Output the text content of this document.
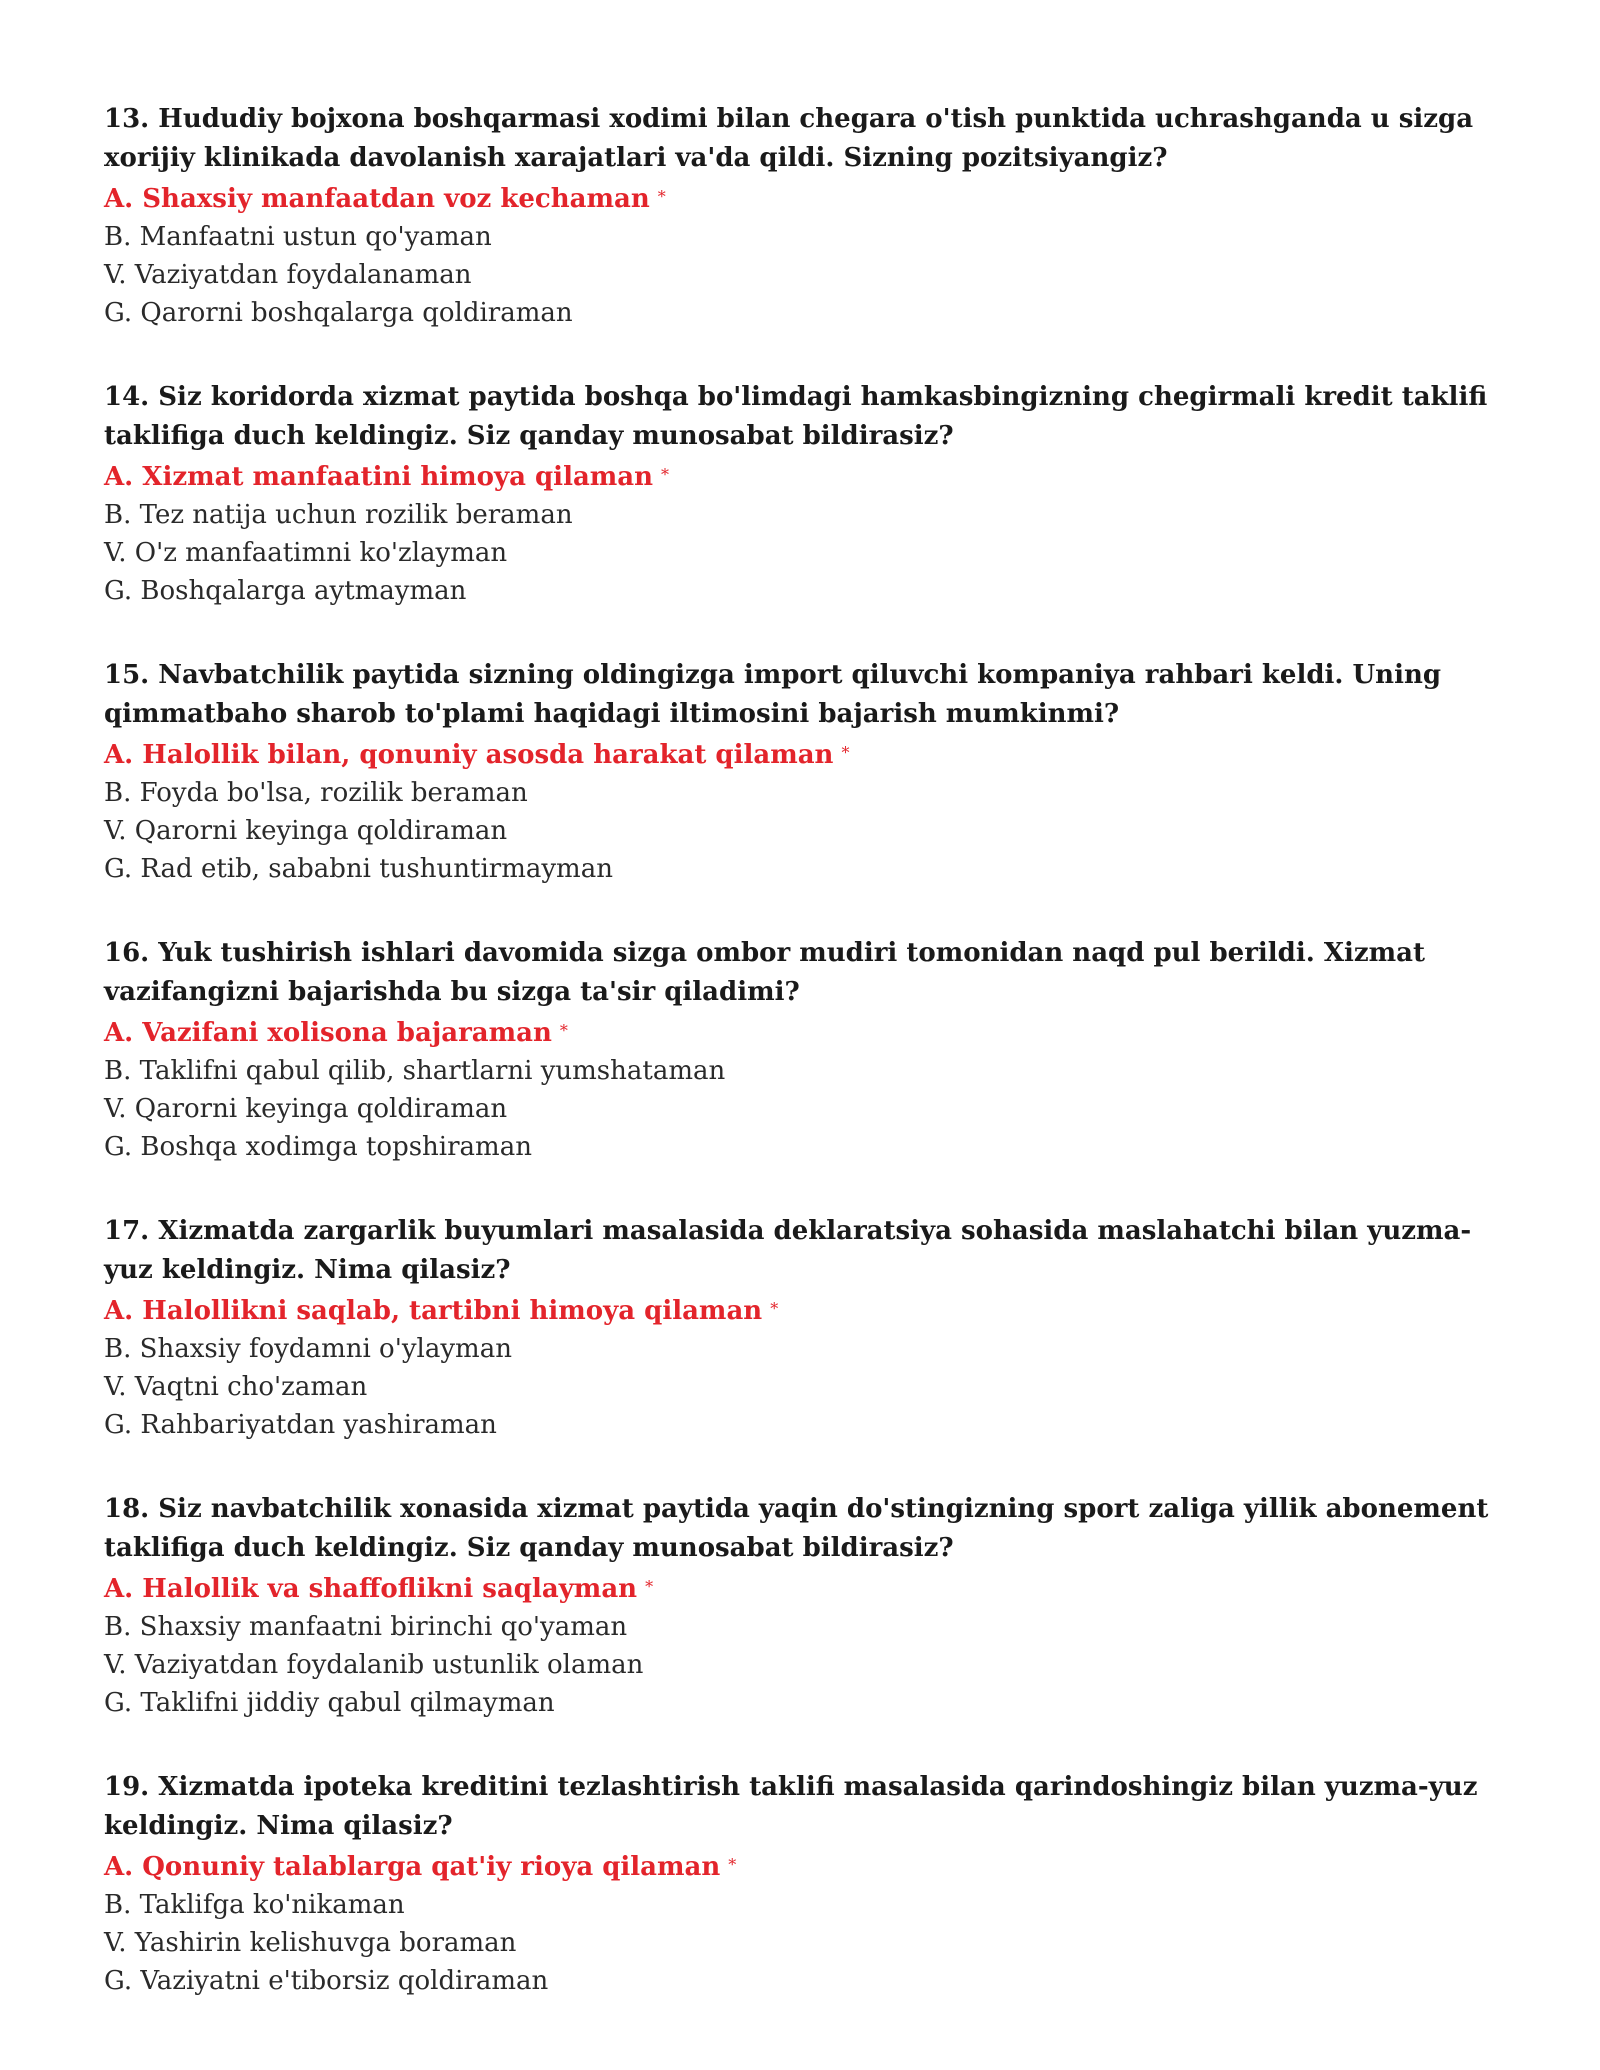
13. Hududiy bojxona boshqarmasi xodimi bilan chegara o'tish punktida uchrashganda u sizga xorijiy klinikada davolanish xarajatlari va'da qildi. Sizning pozitsiyangiz?

A. Shaxsiy manfaatdan voz kechaman *

B. Manfaatni ustun qo'yaman

V. Vaziyatdan foydalanaman

G. Qarorni boshqalarga qoldiraman

14. Siz koridorda xizmat paytida boshqa bo'limdagi hamkasbingizning chegirmali kredit taklifi taklifiga duch keldingiz. Siz qanday munosabat bildirasiz?

A. Xizmat manfaatini himoya qilaman *

B. Tez natija uchun rozilik beraman

V. O'z manfaatimni ko'zlayman

G. Boshqalarga aytmayman

15. Navbatchilik paytida sizning oldingizga import qiluvchi kompaniya rahbari keldi. Uning qimmatbaho sharob to'plami haqidagi iltimosini bajarish mumkinmi?

A. Halollik bilan, qonuniy asosda harakat qilaman *

B. Foyda bo'lsa, rozilik beraman

V. Qarorni keyinga qoldiraman

G. Rad etib, sababni tushuntirmayman

16. Yuk tushirish ishlari davomida sizga ombor mudiri tomonidan naqd pul berildi. Xizmat vazifangizni bajarishda bu sizga ta'sir qiladimi?

A. Vazifani xolisona bajaraman *

B. Taklifni qabul qilib, shartlarni yumshataman

V. Qarorni keyinga qoldiraman

G. Boshqa xodimga topshiraman

17. Xizmatda zargarlik buyumlari masalasida deklaratsiya sohasida maslahatchi bilan yuzma-yuz keldingiz. Nima qilasiz?

A. Halollikni saqlab, tartibni himoya qilaman *

B. Shaxsiy foydamni o'ylayman

V. Vaqtni cho'zaman

G. Rahbariyatdan yashiraman

18. Siz navbatchilik xonasida xizmat paytida yaqin do'stingizning sport zaliga yillik abonement taklifiga duch keldingiz. Siz qanday munosabat bildirasiz?

A. Halollik va shaffoflikni saqlayman *

B. Shaxsiy manfaatni birinchi qo'yaman

V. Vaziyatdan foydalanib ustunlik olaman

G. Taklifni jiddiy qabul qilmayman

19. Xizmatda ipoteka kreditini tezlashtirish taklifi masalasida qarindoshingiz bilan yuzma-yuz keldingiz. Nima qilasiz?

A. Qonuniy talablarga qat'iy rioya qilaman *

B. Taklifga ko'nikaman

V. Yashirin kelishuvga boraman

G. Vaziyatni e'tiborsiz qoldiraman
